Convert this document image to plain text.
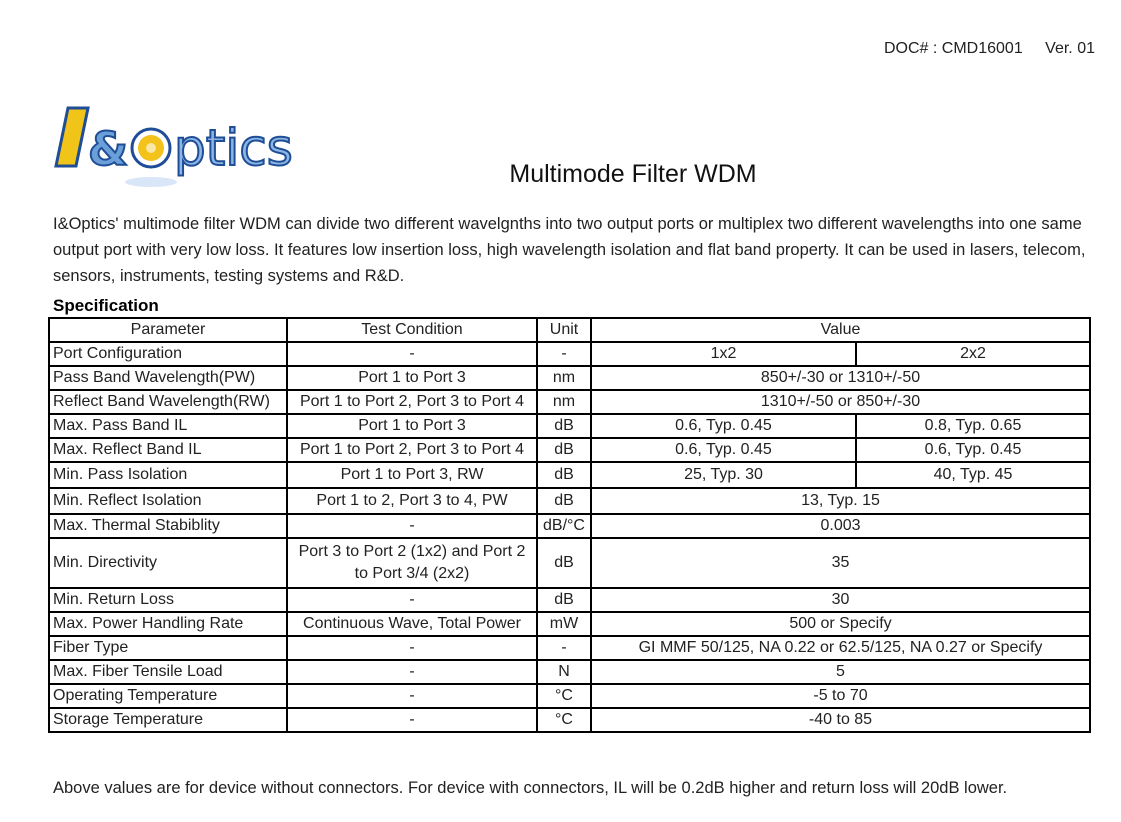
DOC# : CMD16001 Ver. 01
& ptics	Multimode Filter WDM

I&Optics' multimode filter WDM can divide two different wavelgnths into two output ports or multiplex two different wavelengths into one same output port with very low loss. It features low insertion loss, high wavelength isolation and flat band property. It can be used in lasers, telecom, sensors, instruments, testing systems and R&D.

Specification
Parameter	Test Condition	Unit	Value	
Port Configuration	-	-	1x2	2x2
Pass Band Wavelength(PW)	Port 1 to Port 3	nm	850+/-30 or 1310+/-50	
Reflect Band Wavelength(RW)	Port 1 to Port 2, Port 3 to Port 4	nm	1310+/-50 or 850+/-30	
Max. Pass Band IL	Port 1 to Port 3	dB	0.6, Typ. 0.45	0.8, Typ. 0.65
Max. Reflect Band IL	Port 1 to Port 2, Port 3 to Port 4	dB	0.6, Typ. 0.45	0.6, Typ. 0.45
Min. Pass Isolation	Port 1 to Port 3, RW	dB	25, Typ. 30	40, Typ. 45
Min. Reflect Isolation	Port 1 to 2, Port 3 to 4, PW	dB	13, Typ. 15	
Max. Thermal Stabiblity	-	dB/°C	0.003	
Min. Directivity	Port 3 to Port 2 (1x2) and Port 2 to Port 3/4 (2x2)	dB	35	
Min. Return Loss	-	dB	30	
Max. Power Handling Rate	Continuous Wave, Total Power	mW	500 or Specify	
Fiber Type	-	-	GI MMF 50/125, NA 0.22 or 62.5/125, NA 0.27 or Specify	
Max. Fiber Tensile Load	-	N	5	
Operating Temperature	-	°C	-5 to 70	
Storage Temperature	-	°C	-40 to 85	
Above values are for device without connectors. For device with connectors, IL will be 0.2dB higher and return loss will 20dB lower.
